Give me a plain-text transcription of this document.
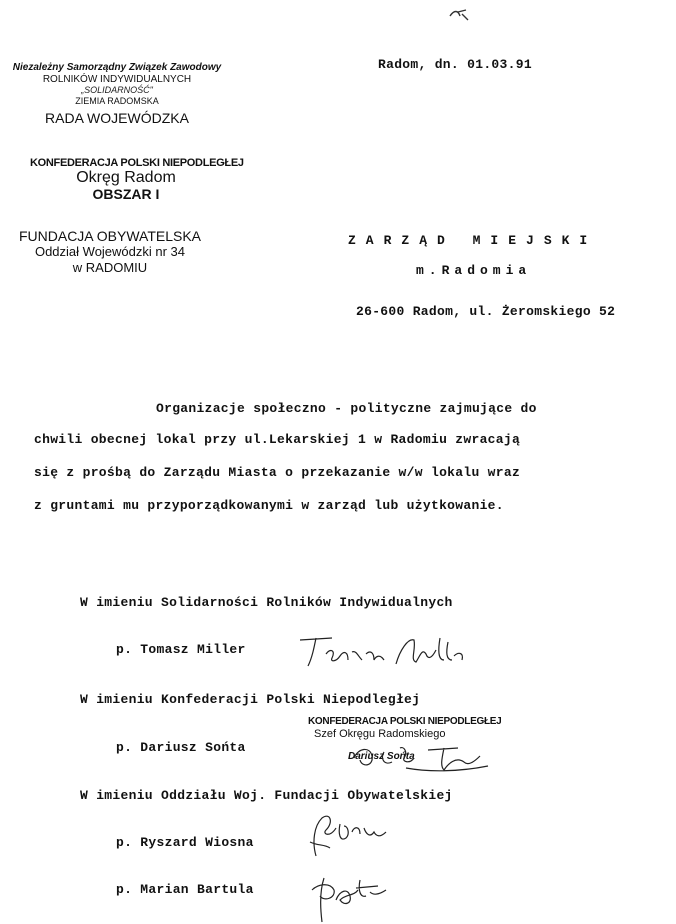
Niezależny Samorządny Związek Zawodowy
ROLNIKÓW INDYWIDUALNYCH
„SOLIDARNOŚĆ"
ZIEMIA RADOMSKA
RADA WOJEWÓDZKA
KONFEDERACJA POLSKI NIEPODLEGŁEJ
Okręg Radom
OBSZAR I
FUNDACJA OBYWATELSKA
Oddział Wojewódzki nr 34
w RADOMIU
Radom, dn. 01.03.91
ZARZĄD MIEJSKI
m.Radomia
26-600 Radom, ul. Żeromskiego 52
Organizacje społeczno - polityczne zajmujące do
chwili obecnej lokal przy ul.Lekarskiej 1 w Radomiu zwracają
się z prośbą do Zarządu Miasta o przekazanie w/w lokalu wraz
z gruntami mu przyporządkowanymi w zarząd lub użytkowanie.
W imieniu Solidarności Rolników Indywidualnych
p. Tomasz Miller
W imieniu Konfederacji Polski Niepodległej
p. Dariusz Sońta
KONFEDERACJA POLSKI NIEPODLEGŁEJ
Szef Okręgu Radomskiego
Dariusz Sońta
W imieniu Oddziału Woj. Fundacji Obywatelskiej
p. Ryszard Wiosna
p. Marian Bartula
